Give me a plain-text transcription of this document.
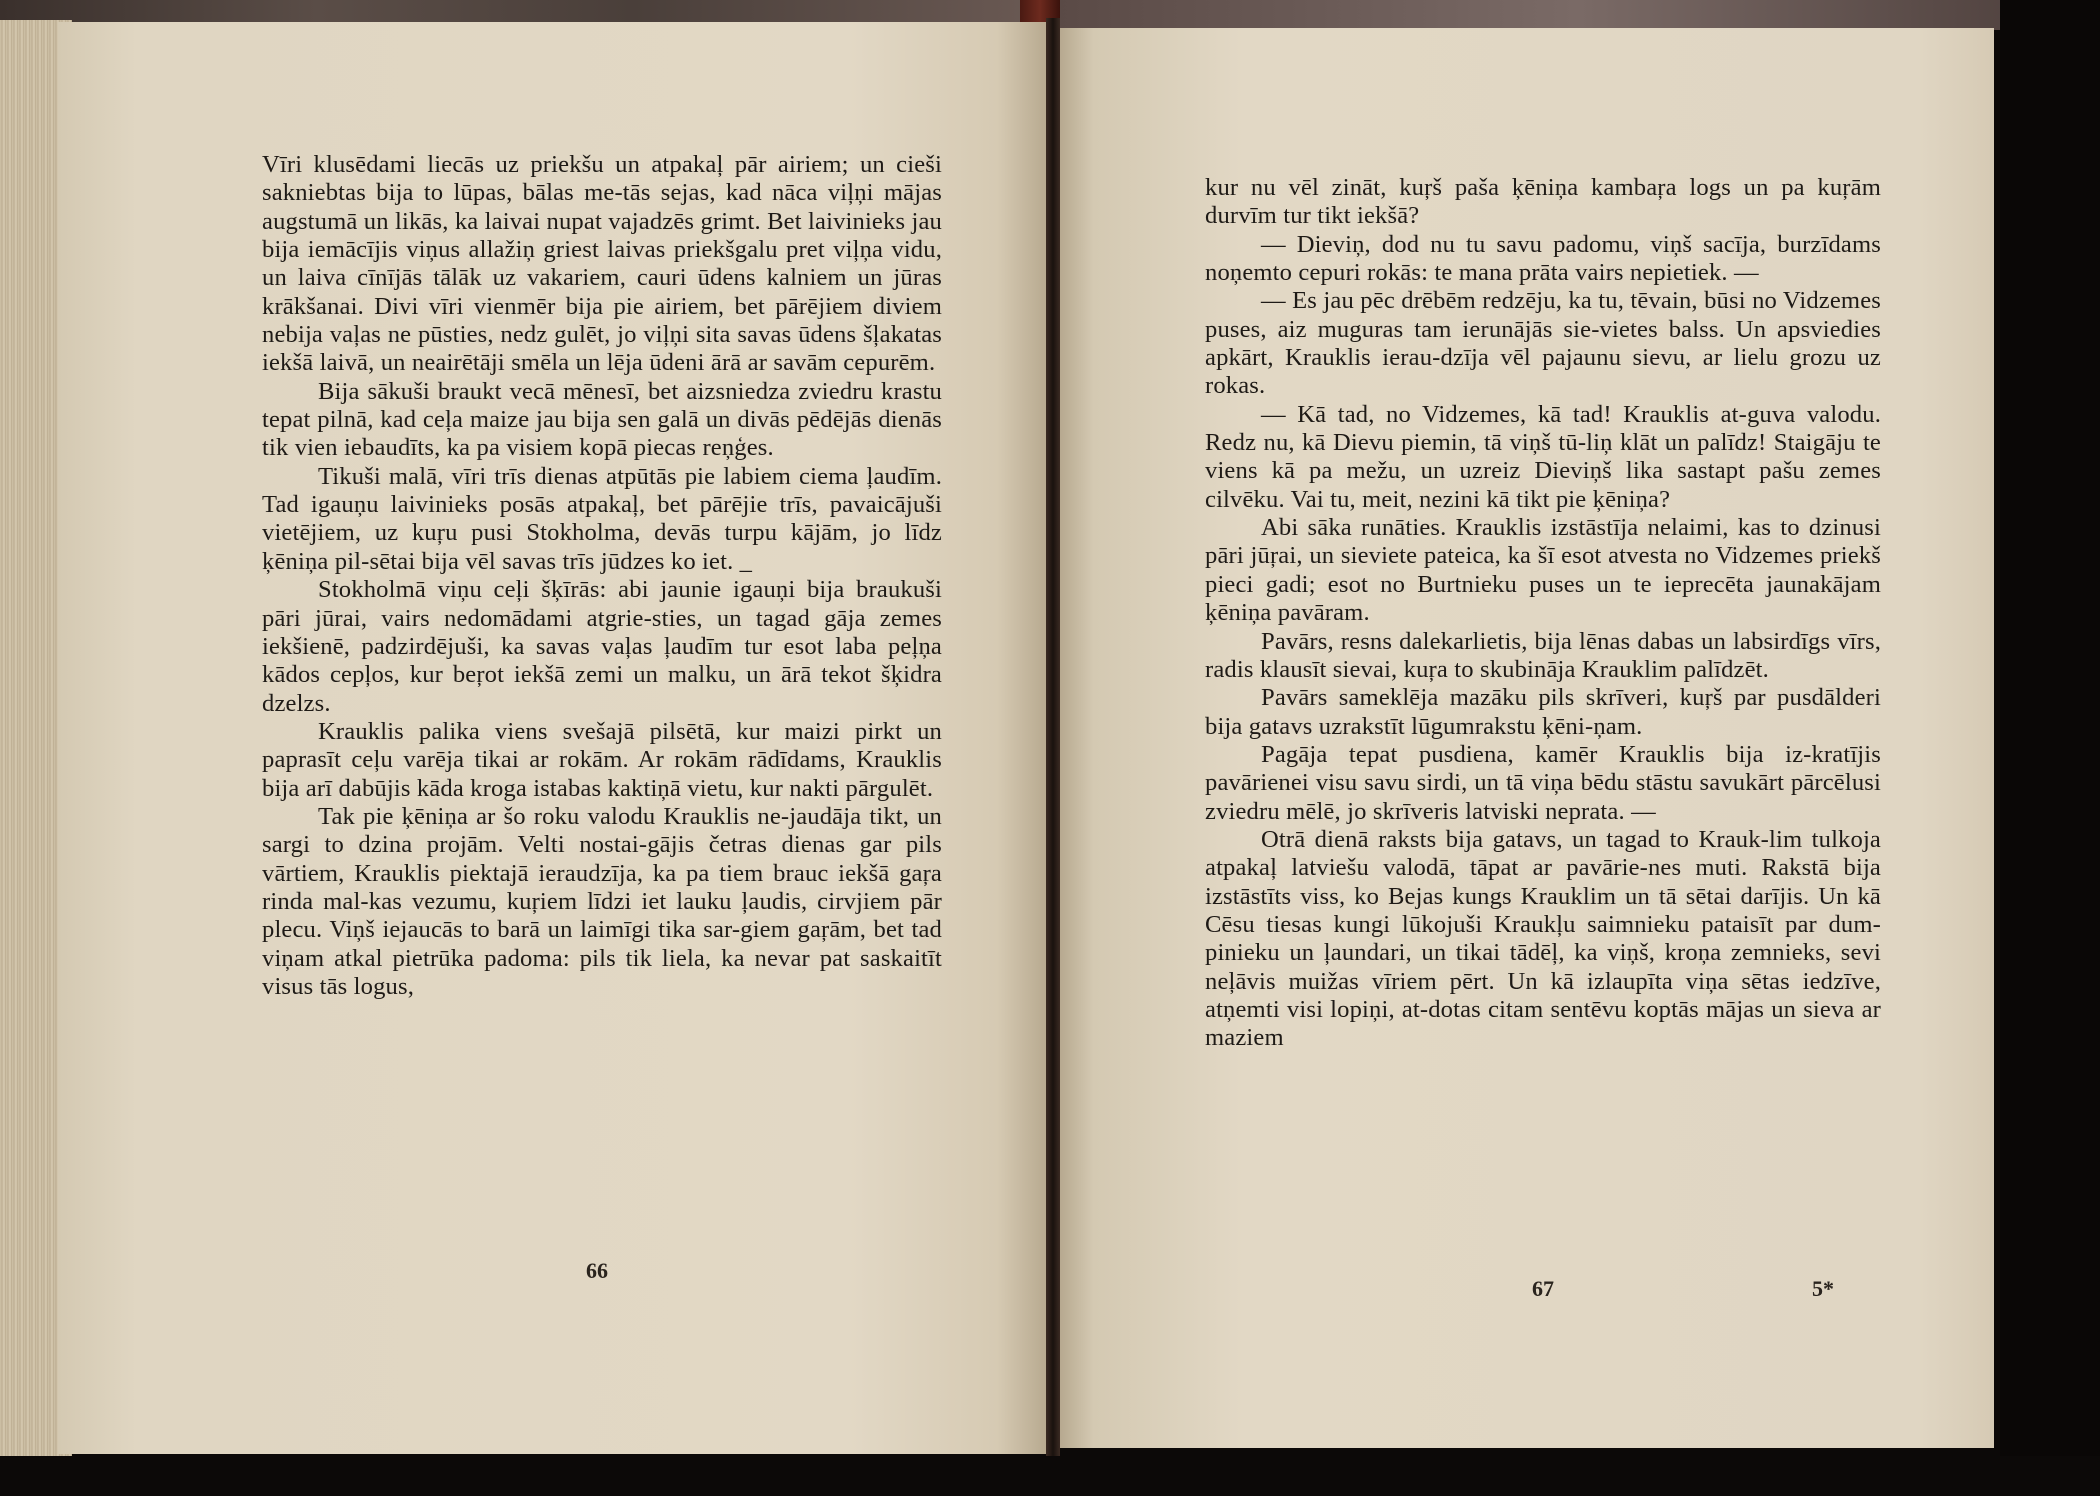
Vīri klusēdami liecās uz priekšu un atpakaļ pār airiem; un cieši sakniebtas bija to lūpas, bālas me-tās sejas, kad nāca viļņi mājas augstumā un likās, ka laivai nupat vajadzēs grimt. Bet laivinieks jau bija iemācījis viņus allažiņ griest laivas priekšgalu pret viļņa vidu, un laiva cīnījās tālāk uz vakariem, cauri ūdens kalniem un jūras krākšanai. Divi vīri vienmēr bija pie airiem, bet pārējiem diviem nebija vaļas ne pūsties, nedz gulēt, jo viļņi sita savas ūdens šļakatas iekšā laivā, un neairētāji smēla un lēja ūdeni ārā ar savām cepurēm.

Bija sākuši braukt vecā mēnesī, bet aizsniedza zviedru krastu tepat pilnā, kad ceļa maize jau bija sen galā un divās pēdējās dienās tik vien iebaudīts, ka pa visiem kopā piecas reņģes.

Tikuši malā, vīri trīs dienas atpūtās pie labiem ciema ļaudīm. Tad igauņu laivinieks posās atpakaļ, bet pārējie trīs, pavaicājuši vietējiem, uz kuŗu pusi Stokholma, devās turpu kājām, jo līdz ķēniņa pil-sētai bija vēl savas trīs jūdzes ko iet. _

Stokholmā viņu ceļi šķīrās: abi jaunie igauņi bija braukuši pāri jūrai, vairs nedomādami atgrie-sties, un tagad gāja zemes iekšienē, padzirdējuši, ka savas vaļas ļaudīm tur esot laba peļņa kādos cepļos, kur beŗot iekšā zemi un malku, un ārā tekot šķidra dzelzs.

Krauklis palika viens svešajā pilsētā, kur maizi pirkt un paprasīt ceļu varēja tikai ar rokām. Ar rokām rādīdams, Krauklis bija arī dabūjis kāda kroga istabas kaktiņā vietu, kur nakti pārgulēt.

Tak pie ķēniņa ar šo roku valodu Krauklis ne-jaudāja tikt, un sargi to dzina projām. Velti nostai-gājis četras dienas gar pils vārtiem, Krauklis piektajā ieraudzīja, ka pa tiem brauc iekšā gaŗa rinda mal-kas vezumu, kuŗiem līdzi iet lauku ļaudis, cirvjiem pār plecu. Viņš iejaucās to barā un laimīgi tika sar-giem gaŗām, bet tad viņam atkal pietrūka padoma: pils tik liela, ka nevar pat saskaitīt visus tās logus,

66

kur nu vēl zināt, kuŗš paša ķēniņa kambaŗa logs un pa kuŗām durvīm tur tikt iekšā?

— Dieviņ, dod nu tu savu padomu, viņš sacīja, burzīdams noņemto cepuri rokās: te mana prāta vairs nepietiek. —

— Es jau pēc drēbēm redzēju, ka tu, tēvain, būsi no Vidzemes puses, aiz muguras tam ierunājās sie-vietes balss. Un apsviedies apkārt, Krauklis ierau-dzīja vēl pajaunu sievu, ar lielu grozu uz rokas.

— Kā tad, no Vidzemes, kā tad! Krauklis at-guva valodu. Redz nu, kā Dievu piemin, tā viņš tū-liņ klāt un palīdz! Staigāju te viens kā pa mežu, un uzreiz Dieviņš lika sastapt pašu zemes cilvēku. Vai tu, meit, nezini kā tikt pie ķēniņa?

Abi sāka runāties. Krauklis izstāstīja nelaimi, kas to dzinusi pāri jūŗai, un sieviete pateica, ka šī esot atvesta no Vidzemes priekš pieci gadi; esot no Burtnieku puses un te ieprecēta jaunakājam ķēniņa pavāram.

Pavārs, resns dalekarlietis, bija lēnas dabas un labsirdīgs vīrs, radis klausīt sievai, kuŗa to skubināja Krauklim palīdzēt.

Pavārs sameklēja mazāku pils skrīveri, kuŗš par pusdālderi bija gatavs uzrakstīt lūgumrakstu ķēni-ņam.

Pagāja tepat pusdiena, kamēr Krauklis bija iz-kratījis pavārienei visu savu sirdi, un tā viņa bēdu stāstu savukārt pārcēlusi zviedru mēlē, jo skrīveris latviski neprata. —

Otrā dienā raksts bija gatavs, un tagad to Krauk-lim tulkoja atpakaļ latviešu valodā, tāpat ar pavārie-nes muti. Rakstā bija izstāstīts viss, ko Bejas kungs Krauklim un tā sētai darījis. Un kā Cēsu tiesas kungi lūkojuši Kraukļu saimnieku pataisīt par dum-pinieku un ļaundari, un tikai tādēļ, ka viņš, kroņa zemnieks, sevi neļāvis muižas vīriem pērt. Un kā izlaupīta viņa sētas iedzīve, atņemti visi lopiņi, at-dotas citam sentēvu koptās mājas un sieva ar maziem

67	5*
